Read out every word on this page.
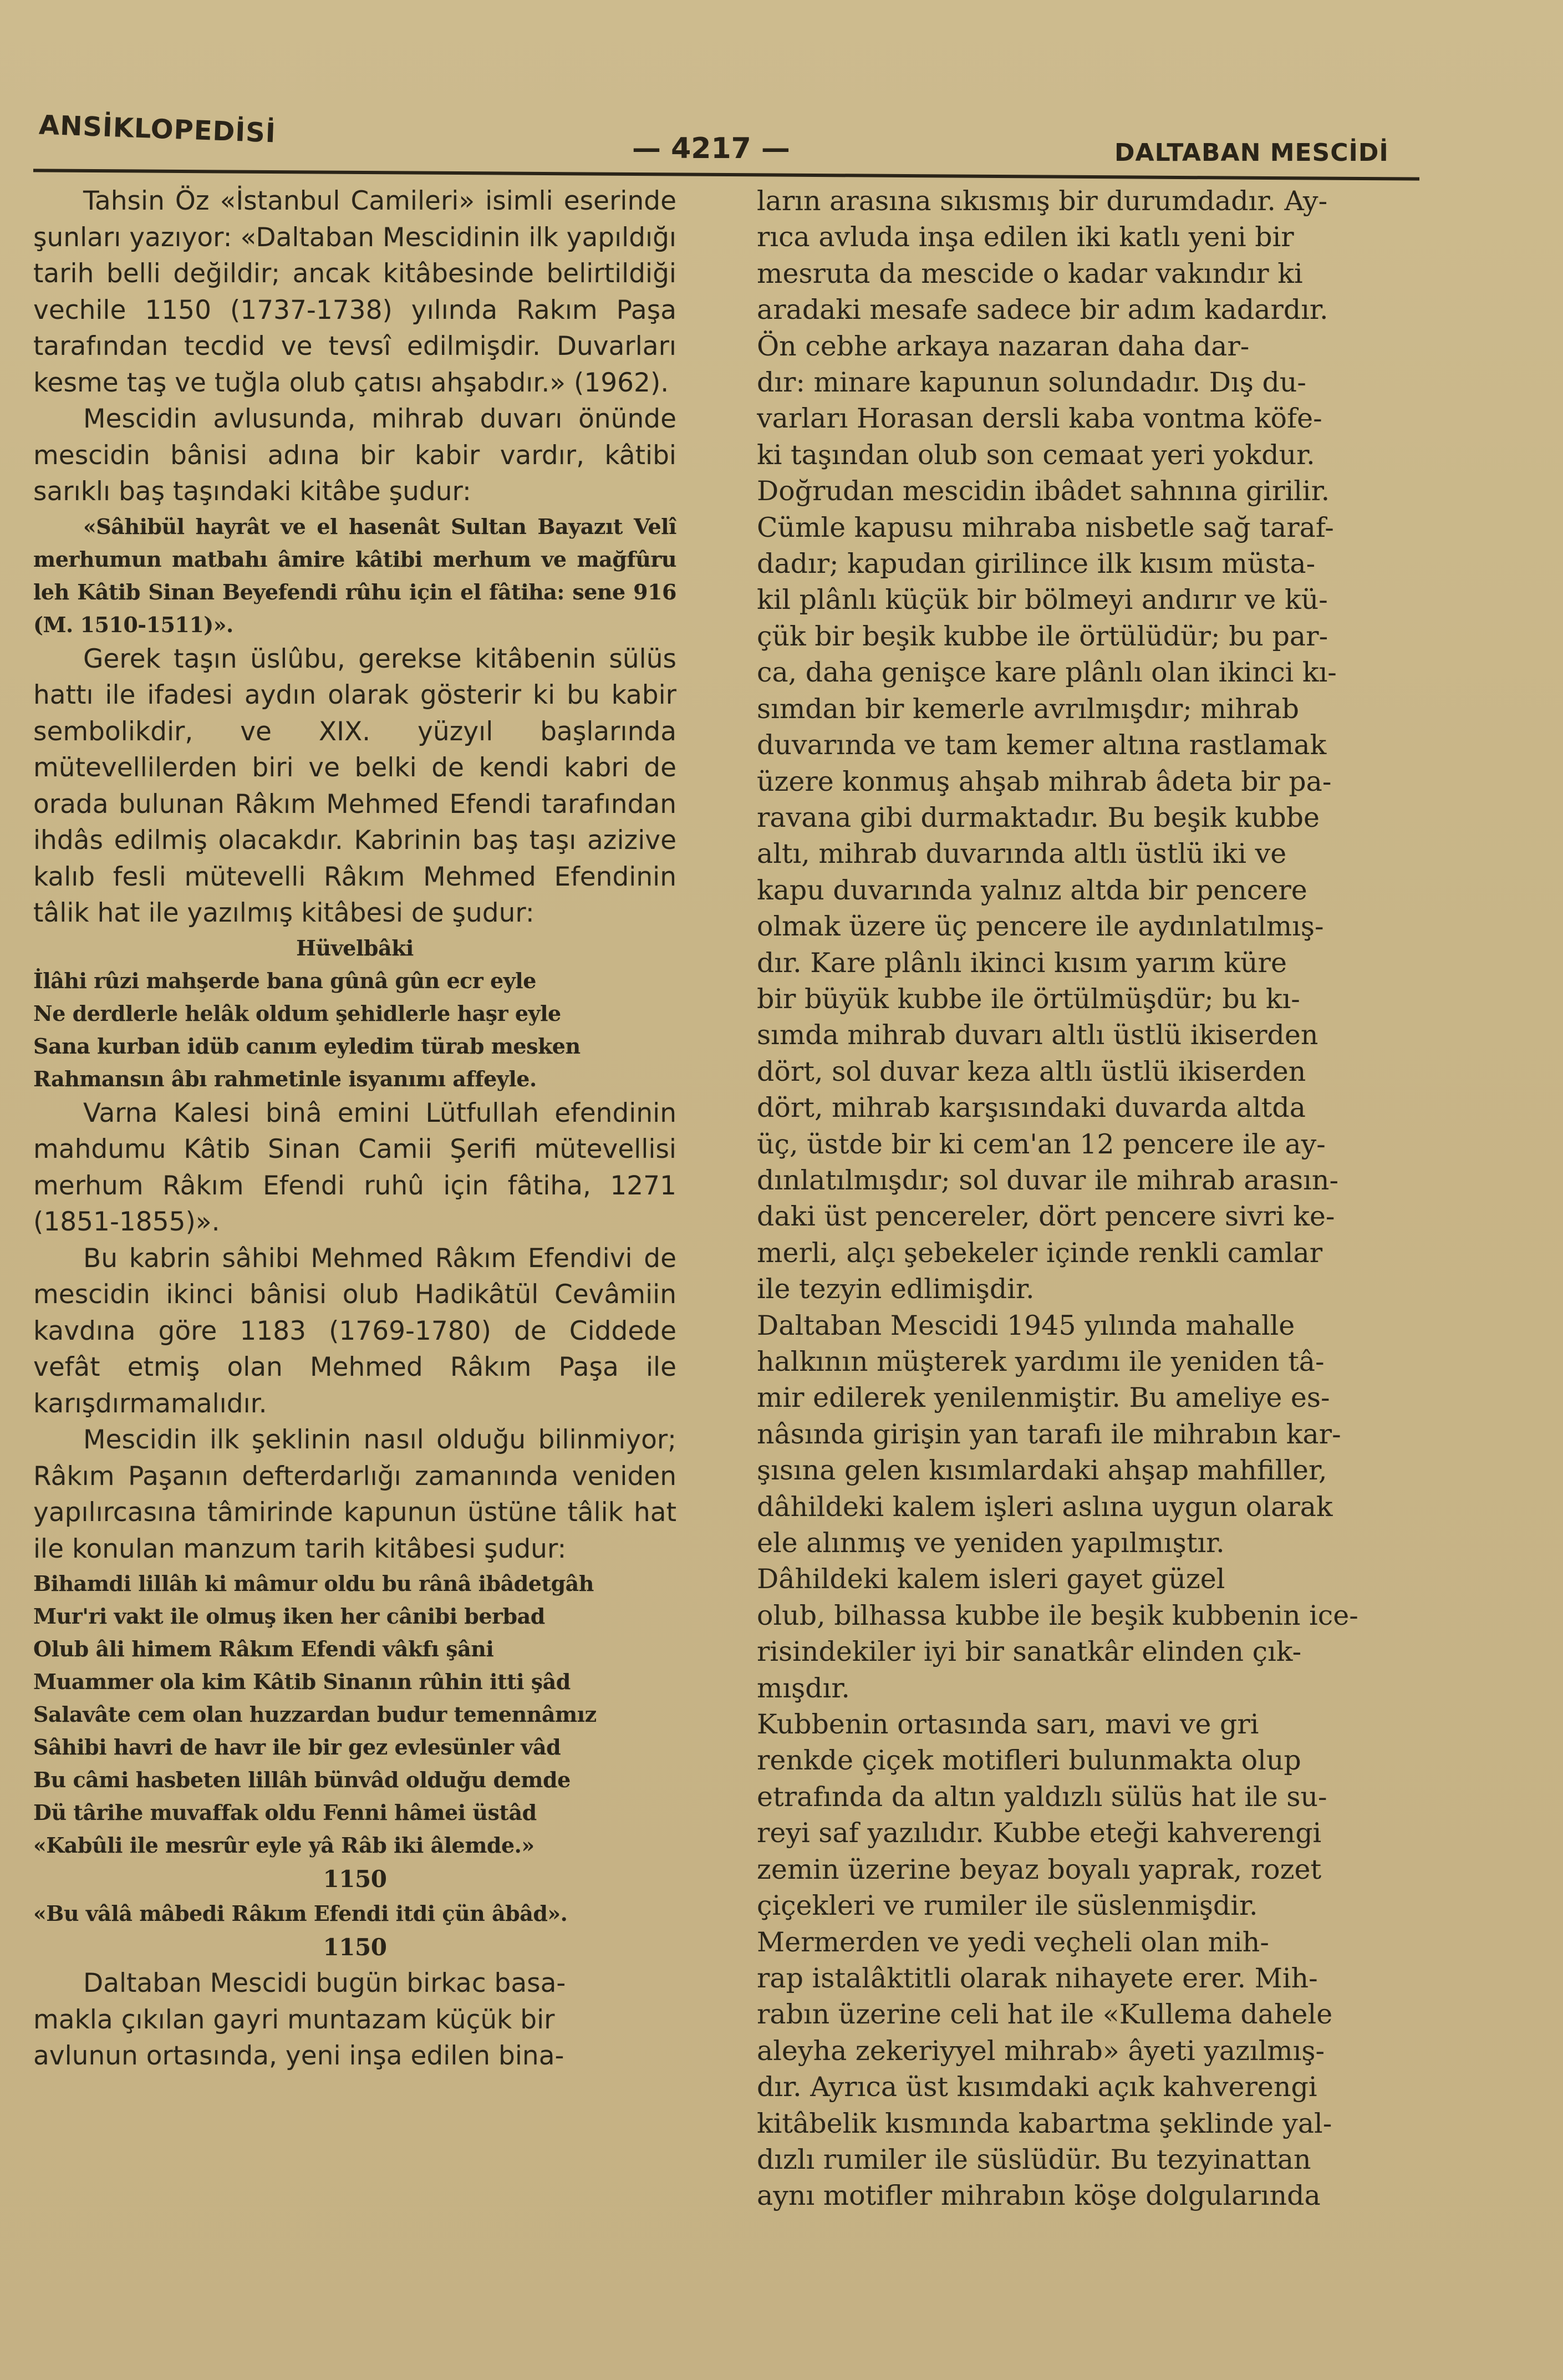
ANSİKLOPEDİSİ	— 4217 —	DALTABAN MESCİDİ

Tahsin Öz «İstanbul Camileri» isimli eserinde şunları yazıyor: «Daltaban Mescidinin ilk yapıldığı tarih belli değildir; ancak kitâbesinde belirtildiği vechile 1150 (1737-1738) yılında Rakım Paşa tarafından tecdid ve tevsî edilmişdir. Duvarları kesme taş ve tuğla olub çatısı ahşabdır.» (1962).

Mescidin avlusunda, mihrab duvarı önünde mescidin bânisi adına bir kabir vardır, kâtibi sarıklı baş taşındaki kitâbe şudur:

«Sâhibül hayrât ve el hasenât Sultan Bayazıt Velî merhumun matbahı âmire kâtibi merhum ve mağfûru leh Kâtib Sinan Beyefendi rûhu için el fâtiha: sene 916 (M. 1510-1511)».

Gerek taşın üslûbu, gerekse kitâbenin sülüs hattı ile ifadesi aydın olarak gösterir ki bu kabir sembolikdir, ve XIX. yüzyıl başlarında mütevellilerden biri ve belki de kendi kabri de orada bulunan Râkım Mehmed Efendi tarafından ihdâs edilmiş olacakdır. Kabrinin baş taşı azizive kalıb fesli mütevelli Râkım Mehmed Efendinin tâlik hat ile yazılmış kitâbesi de şudur:

Hüvelbâki
İlâhi rûzi mahşerde bana gûnâ gûn ecr eyle
Ne derdlerle helâk oldum şehidlerle haşr eyle
Sana kurban idüb canım eyledim türab mesken
Rahmansın âbı rahmetinle isyanımı affeyle.

Varna Kalesi binâ emini Lütfullah efendinin mahdumu Kâtib Sinan Camii Şerifi mütevellisi merhum Râkım Efendi ruhû için fâtiha, 1271 (1851-1855)».

Bu kabrin sâhibi Mehmed Râkım Efendivi de mescidin ikinci bânisi olub Hadikâtül Cevâmiin kavdına göre 1183 (1769-1780) de Ciddede vefât etmiş olan Mehmed Râkım Paşa ile karışdırmamalıdır.

Mescidin ilk şeklinin nasıl olduğu bilinmiyor; Râkım Paşanın defterdarlığı zamanında veniden yapılırcasına tâmirinde kapunun üstüne tâlik hat ile konulan manzum tarih kitâbesi şudur:

Bihamdi lillâh ki mâmur oldu bu rânâ ibâdetgâh
Mur'ri vakt ile olmuş iken her cânibi berbad
Olub âli himem Râkım Efendi vâkfı şâni
Muammer ola kim Kâtib Sinanın rûhin itti şâd
Salavâte cem olan huzzardan budur temennâmız
Sâhibi havri de havr ile bir gez evlesünler vâd
Bu câmi hasbeten lillâh bünvâd olduğu demde
Dü târihe muvaffak oldu Fenni hâmei üstâd
«Kabûli ile mesrûr eyle yâ Râb iki âlemde.»
1150
«Bu vâlâ mâbedi Râkım Efendi itdi çün âbâd».
1150
Daltaban Mescidi bugün birkac basa-
makla çıkılan gayri muntazam küçük bir
avlunun ortasında, yeni inşa edilen bina-
ların arasına sıkısmış bir durumdadır. Ay-
rıca avluda inşa edilen iki katlı yeni bir
mesruta da mescide o kadar vakındır ki
aradaki mesafe sadece bir adım kadardır.
Ön cebhe arkaya nazaran daha dar-
dır: minare kapunun solundadır. Dış du-
varları Horasan dersli kaba vontma köfe-
ki taşından olub son cemaat yeri yokdur.
Doğrudan mescidin ibâdet sahnına girilir.
Cümle kapusu mihraba nisbetle sağ taraf-
dadır; kapudan girilince ilk kısım müsta-
kil plânlı küçük bir bölmeyi andırır ve kü-
çük bir beşik kubbe ile örtülüdür; bu par-
ca, daha genişce kare plânlı olan ikinci kı-
sımdan bir kemerle avrılmışdır; mihrab
duvarında ve tam kemer altına rastlamak
üzere konmuş ahşab mihrab âdeta bir pa-
ravana gibi durmaktadır. Bu beşik kubbe
altı, mihrab duvarında altlı üstlü iki ve
kapu duvarında yalnız altda bir pencere
olmak üzere üç pencere ile aydınlatılmış-
dır. Kare plânlı ikinci kısım yarım küre
bir büyük kubbe ile örtülmüşdür; bu kı-
sımda mihrab duvarı altlı üstlü ikiserden
dört, sol duvar keza altlı üstlü ikiserden
dört, mihrab karşısındaki duvarda altda
üç, üstde bir ki cem'an 12 pencere ile ay-
dınlatılmışdır; sol duvar ile mihrab arasın-
daki üst pencereler, dört pencere sivri ke-
merli, alçı şebekeler içinde renkli camlar
ile tezyin edlimişdir.
Daltaban Mescidi 1945 yılında mahalle
halkının müşterek yardımı ile yeniden tâ-
mir edilerek yenilenmiştir. Bu ameliye es-
nâsında girişin yan tarafı ile mihrabın kar-
şısına gelen kısımlardaki ahşap mahfiller,
dâhildeki kalem işleri aslına uygun olarak
ele alınmış ve yeniden yapılmıştır.
Dâhildeki kalem isleri gayet güzel
olub, bilhassa kubbe ile beşik kubbenin ice-
risindekiler iyi bir sanatkâr elinden çık-
mışdır.
Kubbenin ortasında sarı, mavi ve gri
renkde çiçek motifleri bulunmakta olup
etrafında da altın yaldızlı sülüs hat ile su-
reyi saf yazılıdır. Kubbe eteği kahverengi
zemin üzerine beyaz boyalı yaprak, rozet
çiçekleri ve rumiler ile süslenmişdir.
Mermerden ve yedi veçheli olan mih-
rap istalâktitli olarak nihayete erer. Mih-
rabın üzerine celi hat ile «Kullema dahele
aleyha zekeriyyel mihrab» âyeti yazılmış-
dır. Ayrıca üst kısımdaki açık kahverengi
kitâbelik kısmında kabartma şeklinde yal-
dızlı rumiler ile süslüdür. Bu tezyinattan
aynı motifler mihrabın köşe dolgularında
